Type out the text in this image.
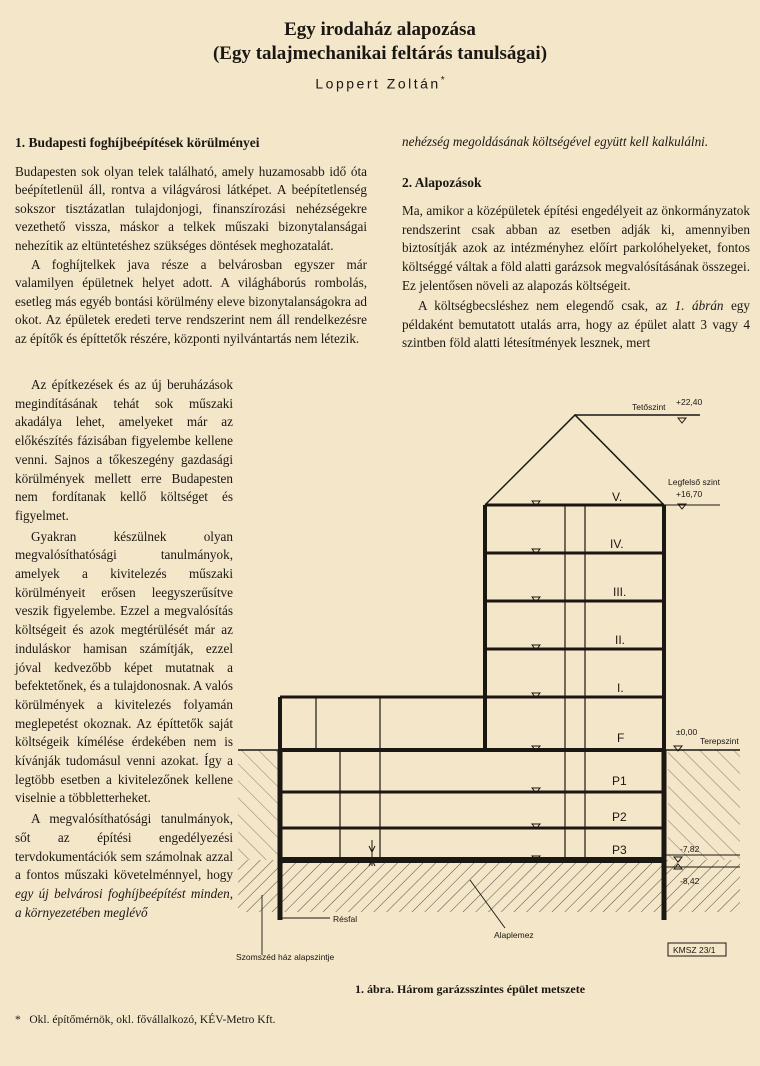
Egy irodaház alapozása
(Egy talajmechanikai feltárás tanulságai)
Loppert Zoltán*
1. Budapesti foghíjbeépítések körülményei

Budapesten sok olyan telek található, amely huzamosabb idő óta beépítetlenül áll, rontva a világvárosi látképet. A beépítetlenség sokszor tisztázatlan tulajdonjogi, finanszírozási nehézségekre vezethető vissza, máskor a telkek műszaki bizonytalanságai nehezítik az eltüntetéshez szükséges döntések meghozatalát.

A foghíjtelkek java része a belvárosban egyszer már valamilyen épületnek helyet adott. A világháborús rombolás, esetleg más egyéb bontási körülmény eleve bizonytalanságokra ad okot. Az épületek eredeti terve rendszerint nem áll rendelkezésre az építők és építtetők részére, központi nyilvántartás nem létezik.

Az építkezések és az új beruházások megindításának tehát sok műszaki akadálya lehet, amelyeket már az előkészítés fázisában figyelembe kellene venni. Sajnos a tőkeszegény gazdasági körülmények mellett erre Budapesten nem fordítanak kellő költséget és figyelmet.

Gyakran készülnek olyan megvalósíthatósági tanulmányok, amelyek a kivitelezés műszaki körülményeit erősen leegyszerűsítve veszik figyelembe. Ezzel a megvalósítás költségeit és azok megtérülését már az induláskor hamisan számítják, ezzel jóval kedvezőbb képet mutatnak a befektetőnek, és a tulajdonosnak. A valós körülmények a kivitelezés folyamán meglepetést okoznak. Az építtetők saját költségeik kímélése érdekében nem is kívánják tudomásul venni azokat. Így a legtöbb esetben a kivitelezőnek kellene viselnie a többletterheket.

A megvalósíthatósági tanulmányok, sőt az építési engedélyezési tervdokumentációk sem számolnak azzal a fontos műszaki követelménnyel, hogy egy új belvárosi foghíjbeépítést minden, a környezetében meglévő

nehézség megoldásának költségével együtt kell kalkulálni.

2. Alapozások

Ma, amikor a középületek építési engedélyeit az önkormányzatok rendszerint csak abban az esetben adják ki, amennyiben biztosítják azok az intézményhez előírt parkolóhelyeket, fontos költséggé váltak a föld alatti garázsok megvalósításának összegei. Ez jelentősen növeli az alapozás költségeit.

A költségbecsléshez nem elegendő csak, az 1. ábrán egy példaként bemutatott utalás arra, hogy az épület alatt 3 vagy 4 szintben föld alatti létesítmények lesznek, mert

Tetőszint +22,40
Legfelső szint
+16,70
±0,00
Terepszint
-7,82
-8,42
V.
IV.
III.
II.
I.
F
P1
P2
P3
Résfal
Alaplemez
Szomszéd ház alapszintje
KMSZ 23/1
1. ábra. Három garázsszintes épület metszete
* Okl. építőmérnök, okl. fővállalkozó, KÉV-Metro Kft.
